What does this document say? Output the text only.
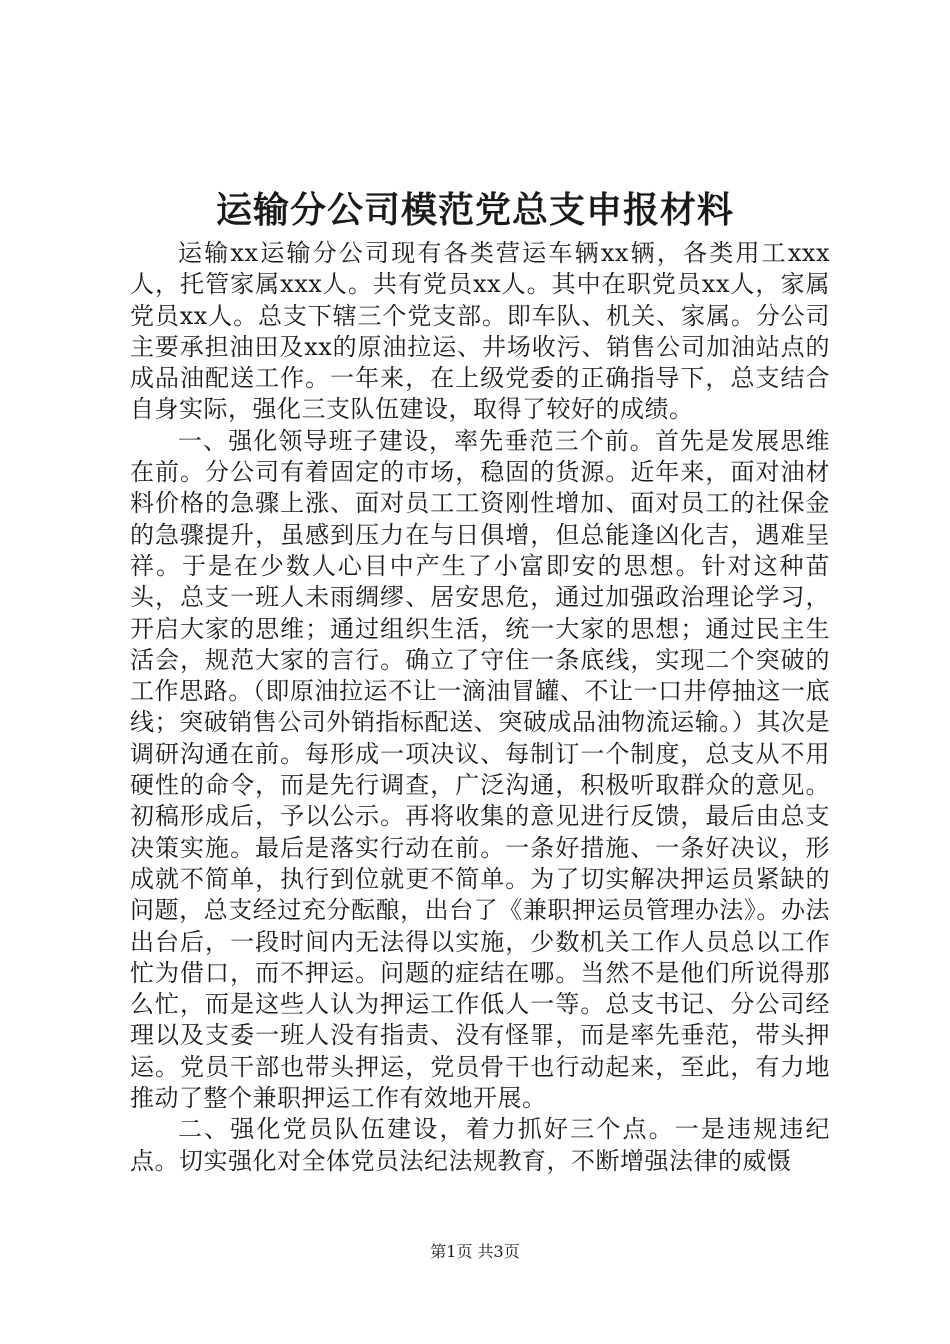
运输分公司模范党总支申报材料

运输xx运输分公司现有各类营运车辆xx辆，各类用工xxx人，托管家属xxx人。共有党员xx人。其中在职党员xx人，家属党员xx人。总支下辖三个党支部。即车队、机关、家属。分公司主要承担油田及xx的原油拉运、井场收污、销售公司加油站点的成品油配送工作。一年来，在上级党委的正确指导下，总支结合自身实际，强化三支队伍建设，取得了较好的成绩。

一、强化领导班子建设，率先垂范三个前。首先是发展思维在前。分公司有着固定的市场，稳固的货源。近年来，面对油材料价格的急骤上涨、面对员工工资刚性增加、面对员工的社保金的急骤提升，虽感到压力在与日俱增，但总能逢凶化吉，遇难呈祥。于是在少数人心目中产生了小富即安的思想。针对这种苗头，总支一班人未雨绸缪、居安思危，通过加强政治理论学习，开启大家的思维；通过组织生活，统一大家的思想；通过民主生活会，规范大家的言行。确立了守住一条底线，实现二个突破的工作思路。（即原油拉运不让一滴油冒罐、不让一口井停抽这一底线；突破销售公司外销指标配送、突破成品油物流运输。）其次是调研沟通在前。每形成一项决议、每制订一个制度，总支从不用硬性的命令，而是先行调查，广泛沟通，积极听取群众的意见。初稿形成后，予以公示。再将收集的意见进行反馈，最后由总支决策实施。最后是落实行动在前。一条好措施、一条好决议，形成就不简单，执行到位就更不简单。为了切实解决押运员紧缺的问题，总支经过充分酝酿，出台了《兼职押运员管理办法》。办法出台后，一段时间内无法得以实施，少数机关工作人员总以工作忙为借口，而不押运。问题的症结在哪。当然不是他们所说得那么忙，而是这些人认为押运工作低人一等。总支书记、分公司经理以及支委一班人没有指责、没有怪罪，而是率先垂范，带头押运。党员干部也带头押运，党员骨干也行动起来，至此，有力地推动了整个兼职押运工作有效地开展。

二、强化党员队伍建设，着力抓好三个点。一是违规违纪点。切实强化对全体党员法纪法规教育，不断增强法律的威慑

第1页 共3页
